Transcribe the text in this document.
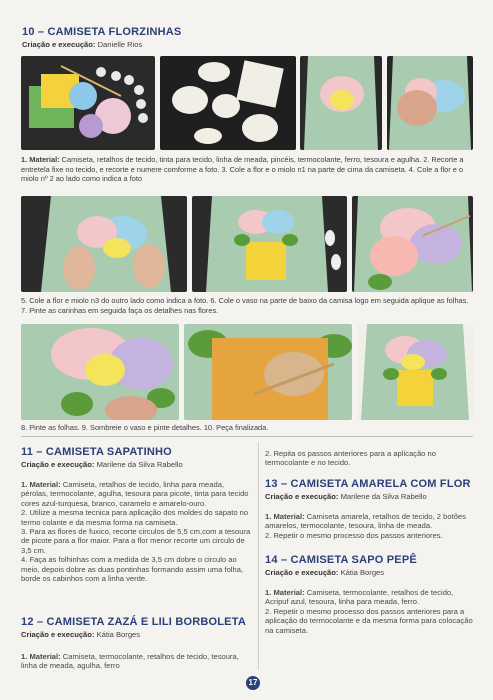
10 – CAMISETA FLORZINHAS
Criação e execução: Danielle Rios
1. Material: Camiseta, retalhos de tecido, tinta para tecido, linha de meada, pincéis, termocolante, ferro, tesoura e agulha. 2. Recorte a entretela fixe no tecido, e recorte e numere comforme a foto. 3. Cole a flor e o miolo n1 na parte de cima da camiseta. 4. Cole a flor e o miolo nº 2 ao lado como indica a foto
5. Cole a flor e miolo n3 do outro lado como indica a foto. 6. Cole o vaso na parte de baixo da camisa logo em seguida aplique as folhas. 7. Pinte as carinhas em seguida faça os detalhes nas flores.
8. Pinte as folhas. 9. Sombreie o vaso e pinte detalhes. 10. Peça finalizada.
11 – CAMISETA SAPATINHO
Criação e execução: Marilene da Silva Rabello

1. Material: Camiseta, retalhos de tecido, linha para meada, pérolas, termocolante, agulha, tesoura para picote, tinta para tecido cores azul-turquesa, branco, caramelo e amarelo-ouro.

2. Utilize a mesma tecnica para aplicação dos moldes do sapato no termo colante e da mesma forma na camiseta.

3. Para as flores de fuxico, recorte circulos de 5,5 cm,com a tesoura de picote para a flor maior. Para a flor menor recorte um circulo de 3,5 cm.

4. Faça as folhinhas com a medida de 3,5 cm dobre o circulo ao meio, depois dobre as duas pontinhas formando assim uma folha, borde os cabinhos com a linha verde.

12 – CAMISETA ZAZÁ E LILI BORBOLETA
Criação e execução: Kátia Borges

1. Material: Camiseta, termocolante, retalhos de tecido, tesoura, linha de meada, agulha, ferro

2. Repita os passos anteriores para a aplicação no termocolante e no tecido.
13 – CAMISETA AMARELA COM FLOR
Criação e execução: Marilene da Silva Rabello

1. Material: Camiseta amarela, retalhos de tecido, 2 botões amarelos, termocolante, tesoura, linha de meada.

2. Repetir o mesmo processo dos passos anteriores.

14 – CAMISETA SAPO PEPÊ
Criação e execução: Kátia Borges

1. Material: Camiseta, termocolante, retalhos de tecido, Acripuf azul, tesoura, linha para meada, ferro.

2. Repetir o mesmo processo dos passos anteriores para a aplicação do termocolante e da mesma forma para colocação na camiseta.

17
